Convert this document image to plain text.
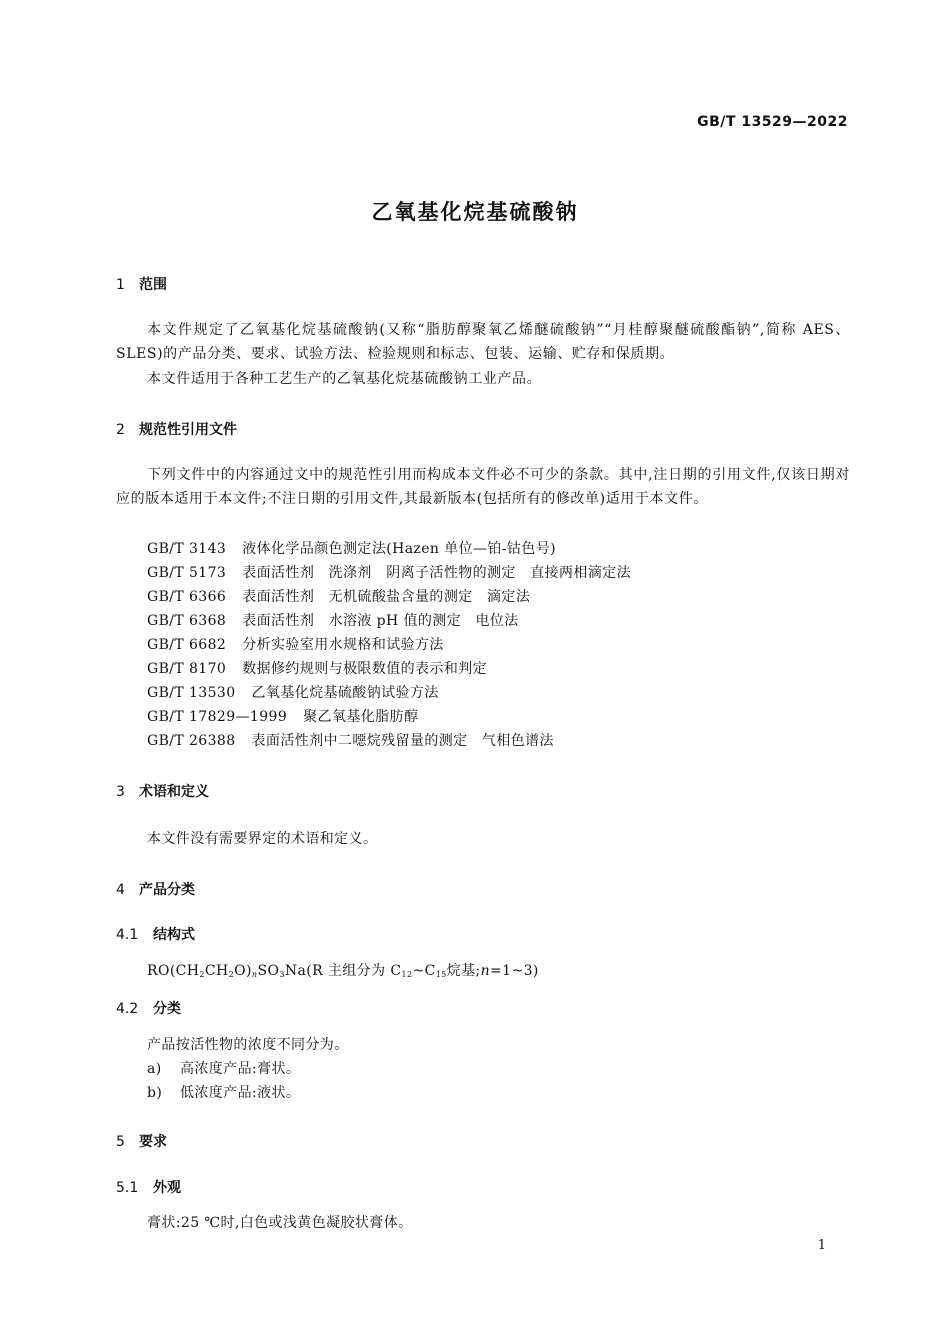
GB/T 13529—2022
乙氧基化烷基硫酸钠
1 范围

本文件规定了乙氧基化烷基硫酸钠(又称“脂肪醇聚氧乙烯醚硫酸钠”“月桂醇聚醚硫酸酯钠”,简称 AES、SLES)的产品分类、要求、试验方法、检验规则和标志、包装、运输、贮存和保质期。

本文件适用于各种工艺生产的乙氧基化烷基硫酸钠工业产品。

2 规范性引用文件

下列文件中的内容通过文中的规范性引用而构成本文件必不可少的条款。其中,注日期的引用文件,仅该日期对应的版本适用于本文件;不注日期的引用文件,其最新版本(包括所有的修改单)适用于本文件。

GB/T 3143 液体化学品颜色测定法(Hazen 单位—铂-钴色号)
GB/T 5173 表面活性剂　洗涤剂　阴离子活性物的测定　直接两相滴定法
GB/T 6366 表面活性剂　无机硫酸盐含量的测定　滴定法
GB/T 6368 表面活性剂　水溶液 pH 值的测定　电位法
GB/T 6682 分析实验室用水规格和试验方法
GB/T 8170 数据修约规则与极限数值的表示和判定
GB/T 13530 乙氧基化烷基硫酸钠试验方法
GB/T 17829—1999 聚乙氧基化脂肪醇
GB/T 26388 表面活性剂中二噁烷残留量的测定　气相色谱法
3 术语和定义
本文件没有需要界定的术语和定义。
4 产品分类
4.1 结构式
$RO(CH_2CH_2O)_nSO_3Na(R$ 主组分为 $C_{12}\sim C_{15}$烷基;n=1~3)
4.2 分类
产品按活性物的浓度不同分为。
a) 高浓度产品:膏状。
b) 低浓度产品:液状。
5 要求
5.1 外观
膏状:25 ℃时,白色或浅黄色凝胶状膏体。
1
